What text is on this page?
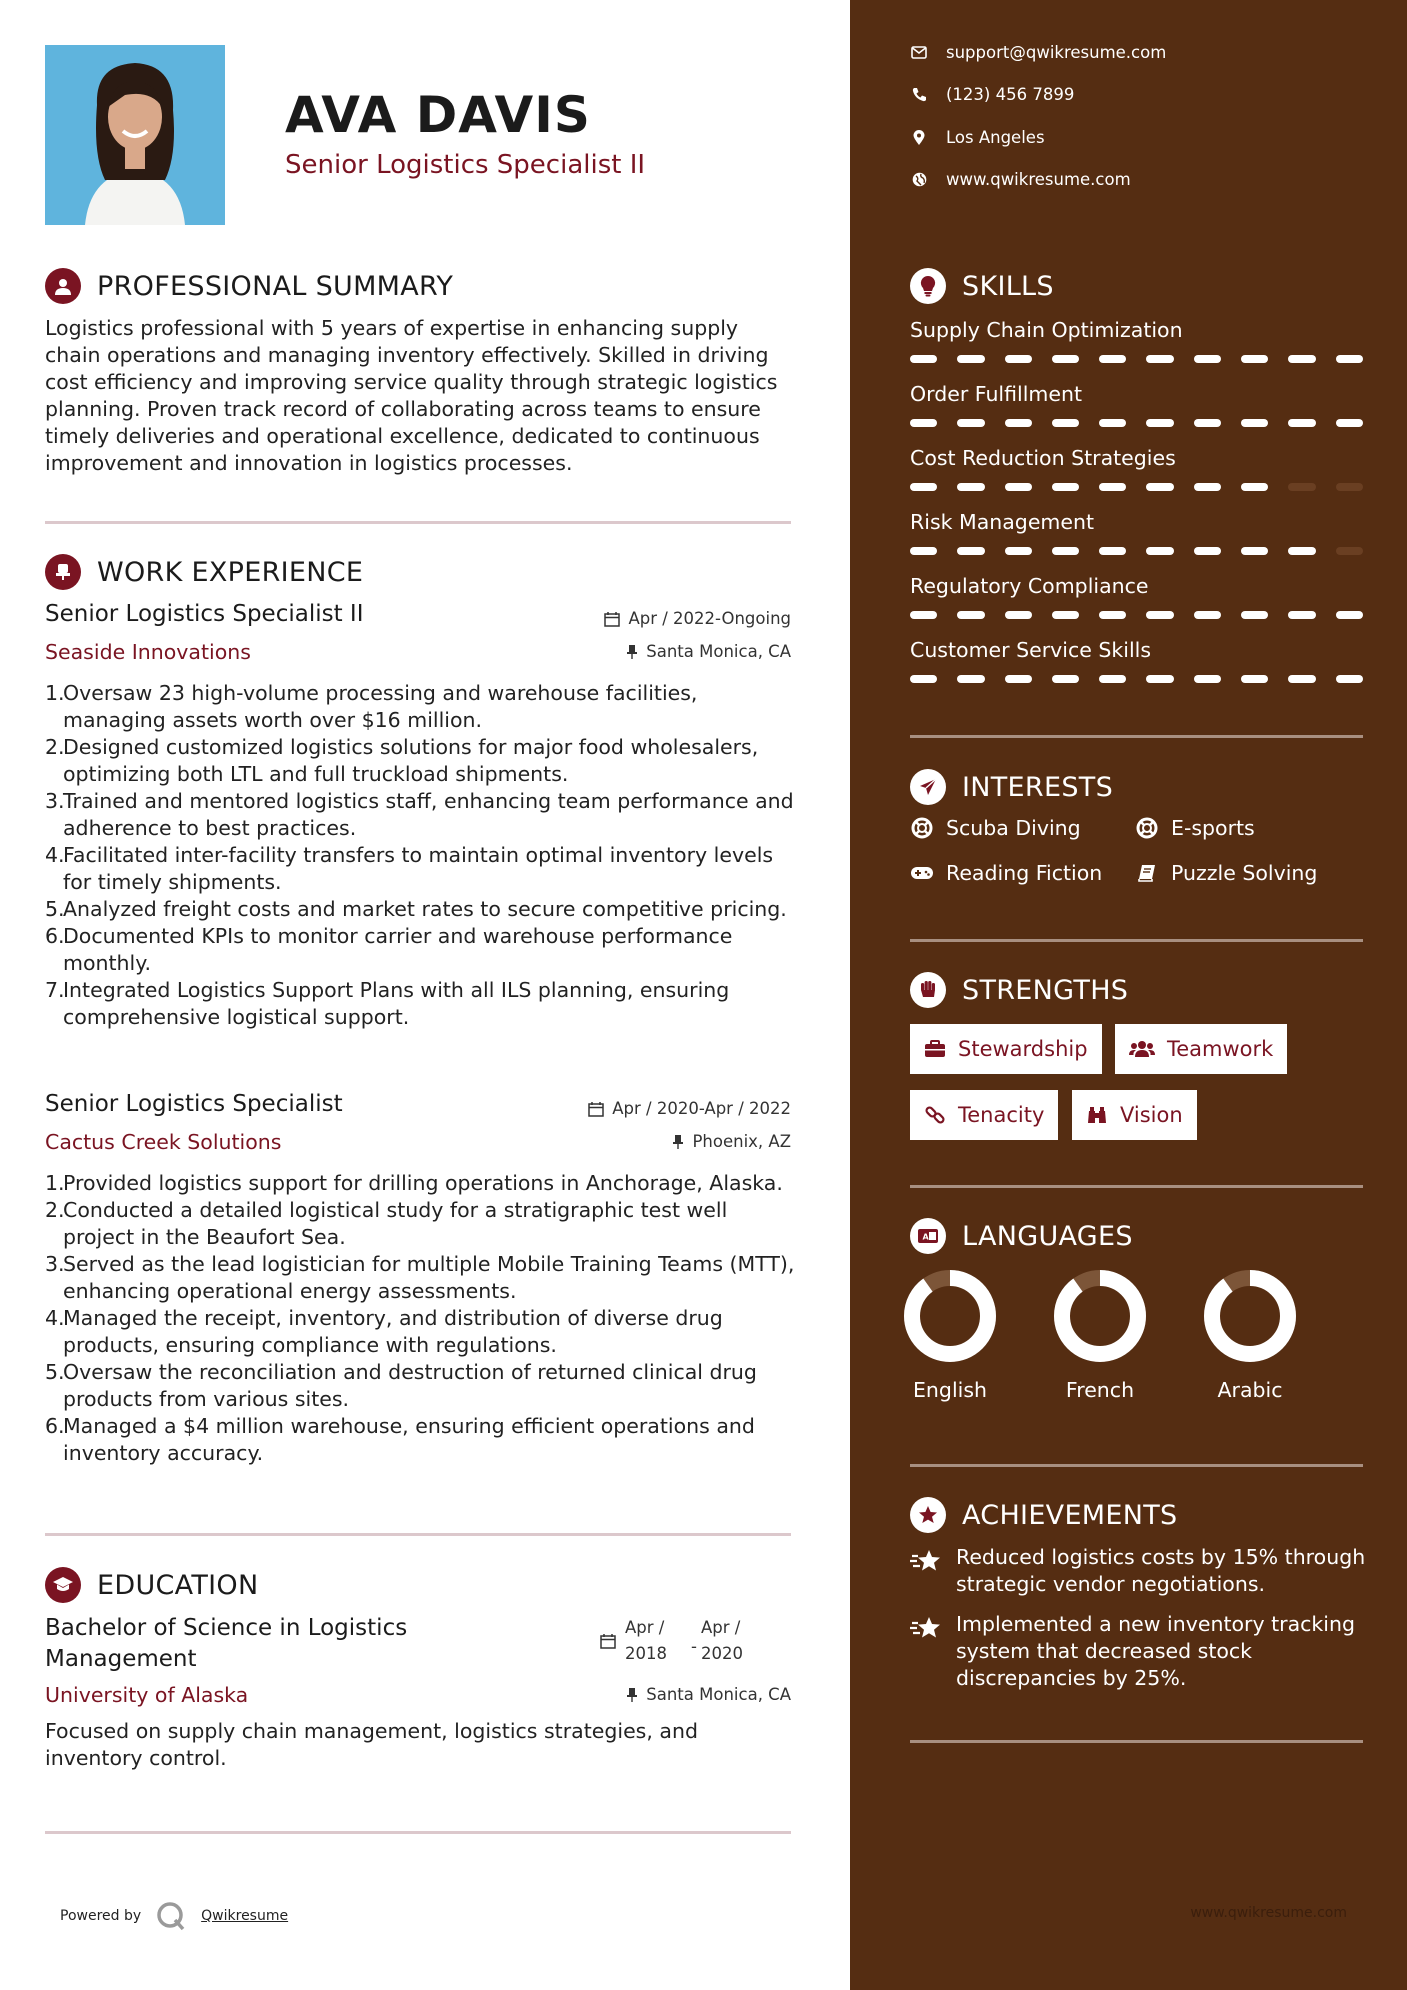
AVA DAVIS
Senior Logistics Specialist II
PROFESSIONAL SUMMARY
Logistics professional with 5 years of expertise in enhancing supply chain operations and managing inventory effectively. Skilled in driving cost efficiency and improving service quality through strategic logistics planning. Proven track record of collaborating across teams to ensure timely deliveries and operational excellence, dedicated to continuous improvement and innovation in logistics processes.
WORK EXPERIENCE
Senior Logistics Specialist II
Seaside Innovations
Apr / 2022-Ongoing
Santa Monica, CA
1.
Oversaw 23 high-volume processing and warehouse facilities, managing assets worth over $16 million.
2.
Designed customized logistics solutions for major food wholesalers, optimizing both LTL and full truckload shipments.
3.
Trained and mentored logistics staff, enhancing team performance and adherence to best practices.
4.
Facilitated inter-facility transfers to maintain optimal inventory levels for timely shipments.
5.
Analyzed freight costs and market rates to secure competitive pricing.
6.
Documented KPIs to monitor carrier and warehouse performance monthly.
7.
Integrated Logistics Support Plans with all ILS planning, ensuring comprehensive logistical support.
Senior Logistics Specialist
Cactus Creek Solutions
Apr / 2020-Apr / 2022
Phoenix, AZ
1.
Provided logistics support for drilling operations in Anchorage, Alaska.
2.
Conducted a detailed logistical study for a stratigraphic test well project in the Beaufort Sea.
3.
Served as the lead logistician for multiple Mobile Training Teams (MTT), enhancing operational energy assessments.
4.
Managed the receipt, inventory, and distribution of diverse drug products, ensuring compliance with regulations.
5.
Oversaw the reconciliation and destruction of returned clinical drug products from various sites.
6.
Managed a $4 million warehouse, ensuring efficient operations and inventory accuracy.
EDUCATION
Bachelor of Science in Logistics
Management
University of Alaska
Apr /
2018 -
Apr /
2020
Santa Monica, CA
Focused on supply chain management, logistics strategies, and inventory control.
Powered by	Qwikresume
support@qwikresume.com
(123) 456 7899
Los Angeles
www.qwikresume.com
SKILLS
Supply Chain Optimization
Order Fulfillment
Cost Reduction Strategies
Risk Management
Regulatory Compliance
Customer Service Skills
INTERESTS
Scuba Diving	E-sports
Reading Fiction	Puzzle Solving
STRENGTHS
Stewardship	Teamwork
Tenacity	Vision
A LANGUAGES
English	French	Arabic
ACHIEVEMENTS
Reduced logistics costs by 15% through strategic vendor negotiations.
Implemented a new inventory tracking system that decreased stock discrepancies by 25%.
www.qwikresume.com
